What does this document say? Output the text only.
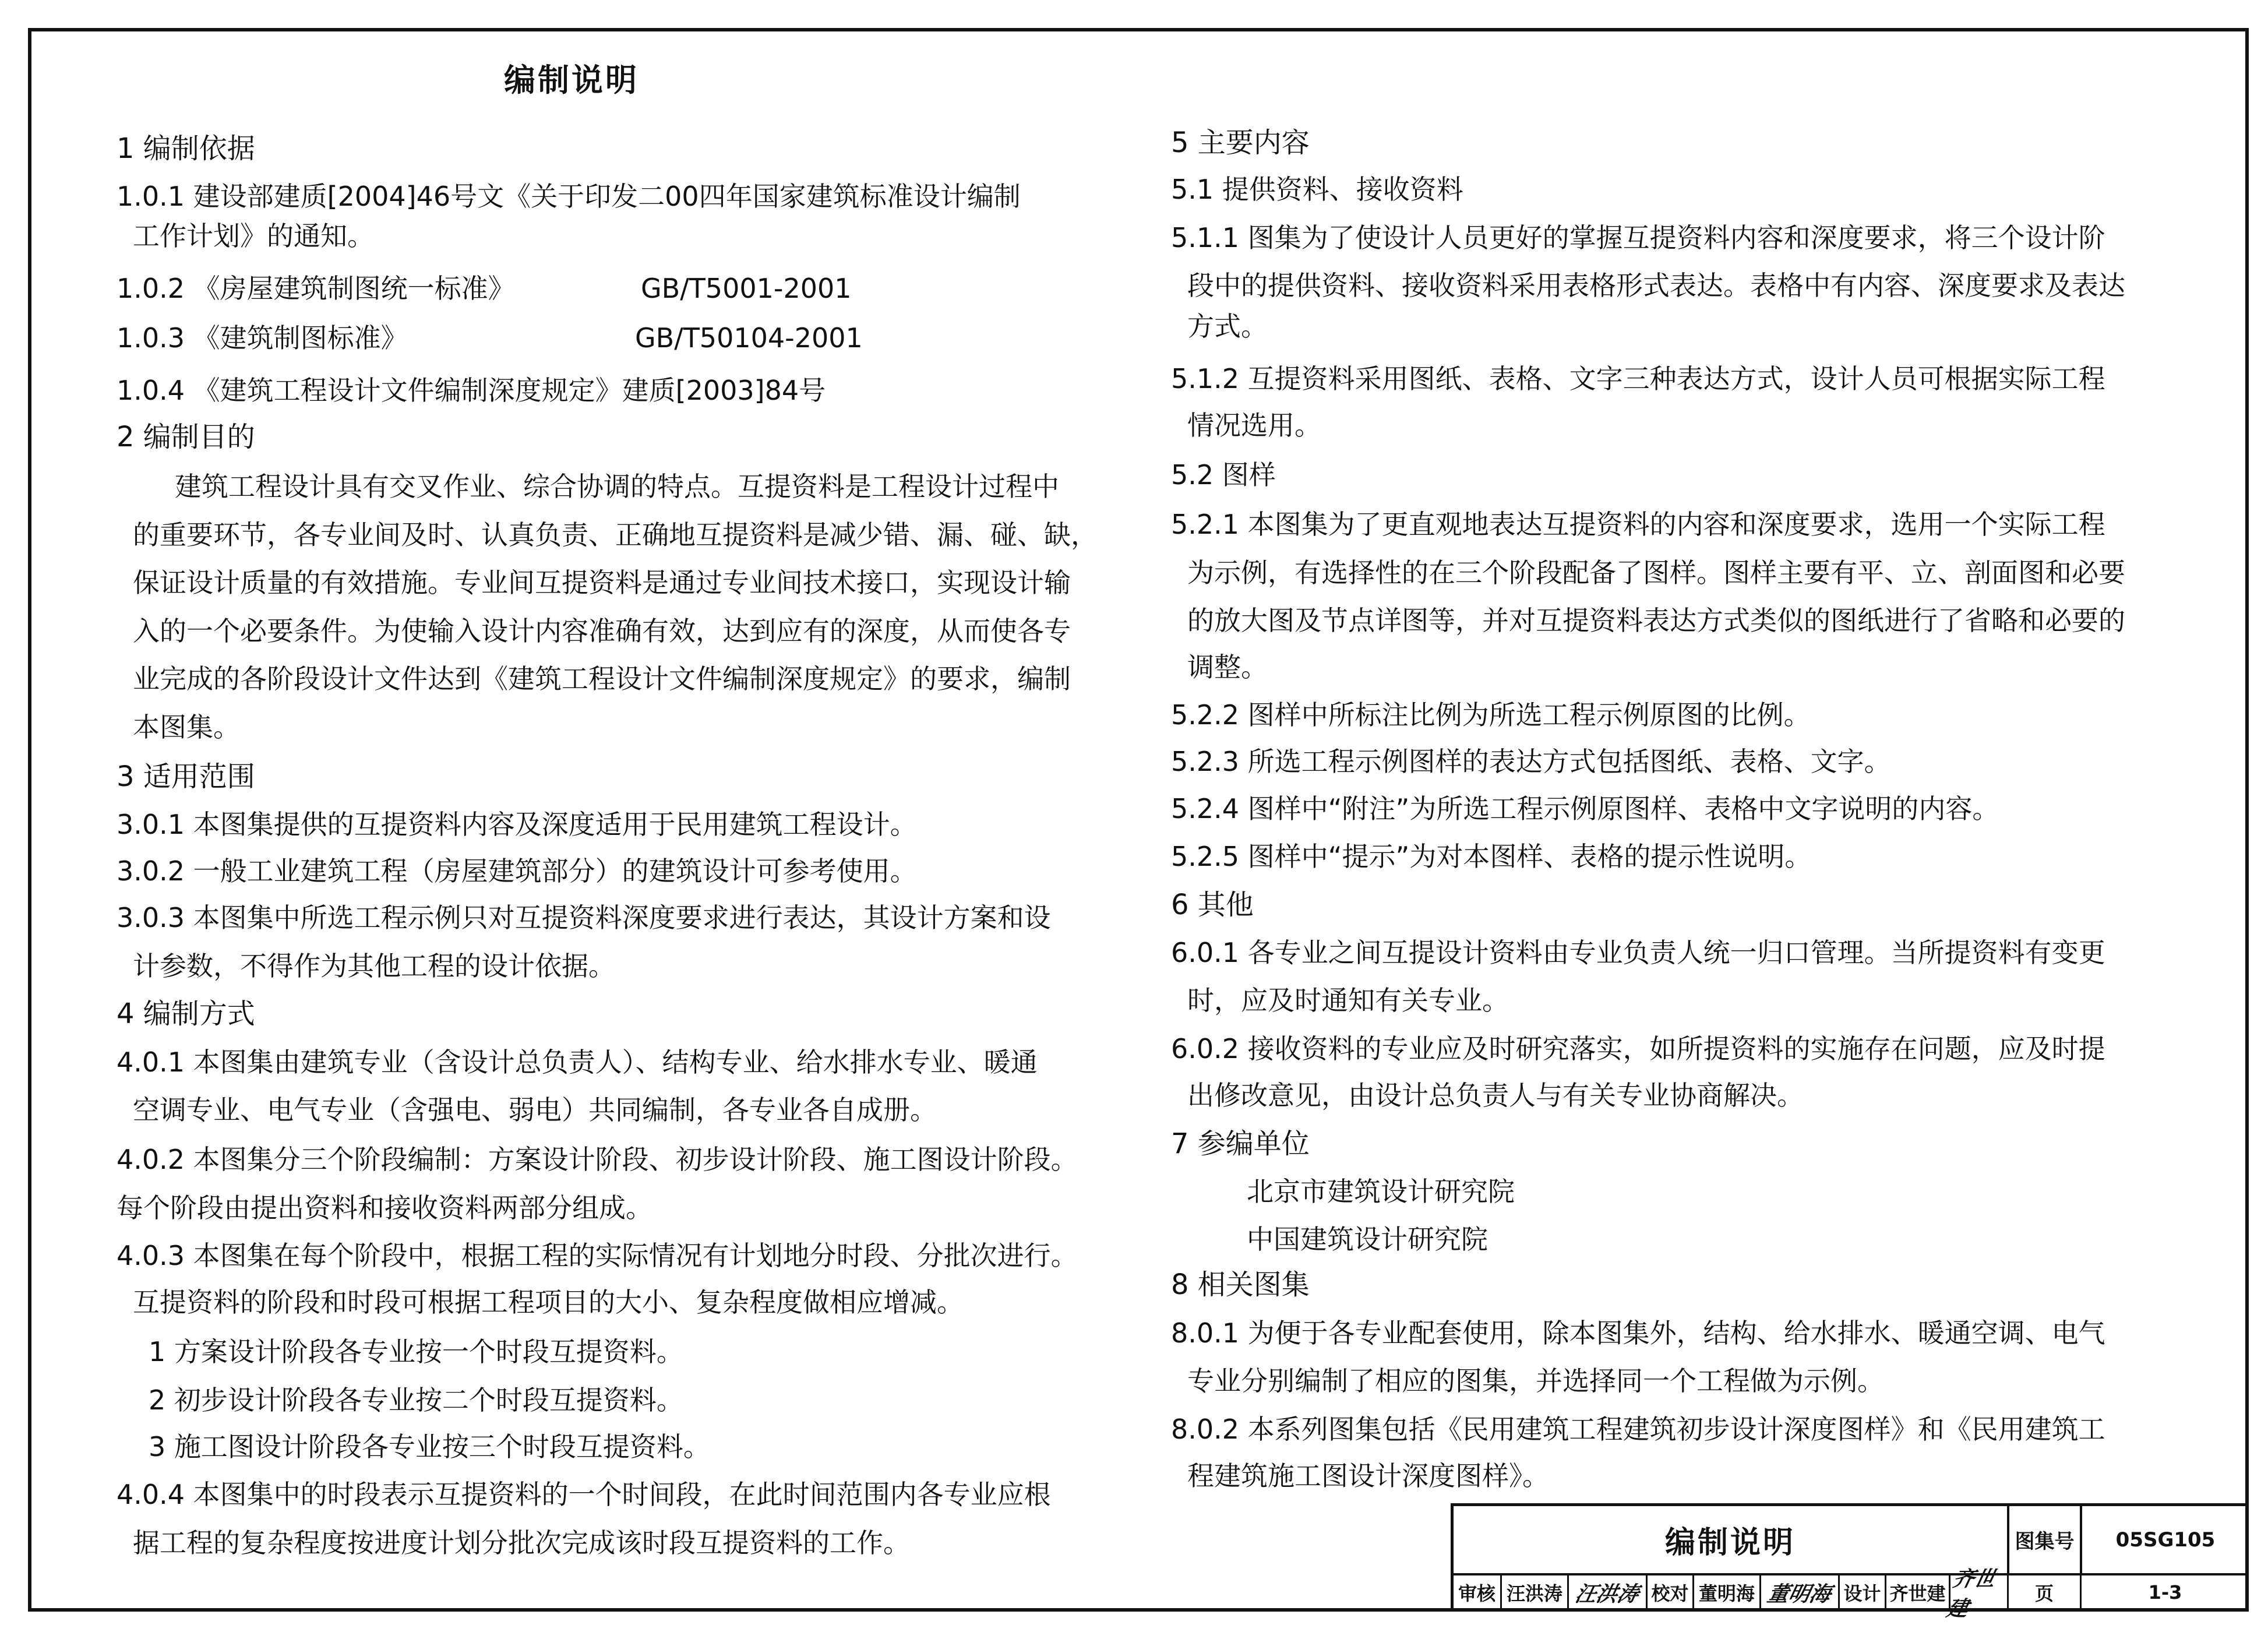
编制说明
1 编制依据
1.0.1 建设部建质[2004]46号文《关于印发二00四年国家建筑标准设计编制
工作计划》的通知。
1.0.2 《房屋建筑制图统一标准》	GB/T5001-2001
1.0.3 《建筑制图标准》	GB/T50104-2001
1.0.4 《建筑工程设计文件编制深度规定》建质[2003]84号
2 编制目的
建筑工程设计具有交叉作业、综合协调的特点。互提资料是工程设计过程中
的重要环节，各专业间及时、认真负责、正确地互提资料是减少错、漏、碰、缺，
保证设计质量的有效措施。专业间互提资料是通过专业间技术接口，实现设计输
入的一个必要条件。为使输入设计内容准确有效，达到应有的深度，从而使各专
业完成的各阶段设计文件达到《建筑工程设计文件编制深度规定》的要求，编制
本图集。
3 适用范围
3.0.1 本图集提供的互提资料内容及深度适用于民用建筑工程设计。
3.0.2 一般工业建筑工程（房屋建筑部分）的建筑设计可参考使用。
3.0.3 本图集中所选工程示例只对互提资料深度要求进行表达，其设计方案和设
计参数，不得作为其他工程的设计依据。
4 编制方式
4.0.1 本图集由建筑专业（含设计总负责人）、结构专业、给水排水专业、暖通
空调专业、电气专业（含强电、弱电）共同编制，各专业各自成册。
4.0.2 本图集分三个阶段编制：方案设计阶段、初步设计阶段、施工图设计阶段。
每个阶段由提出资料和接收资料两部分组成。
4.0.3 本图集在每个阶段中，根据工程的实际情况有计划地分时段、分批次进行。
互提资料的阶段和时段可根据工程项目的大小、复杂程度做相应增减。
1 方案设计阶段各专业按一个时段互提资料。
2 初步设计阶段各专业按二个时段互提资料。
3 施工图设计阶段各专业按三个时段互提资料。
4.0.4 本图集中的时段表示互提资料的一个时间段，在此时间范围内各专业应根
据工程的复杂程度按进度计划分批次完成该时段互提资料的工作。
5 主要内容
5.1 提供资料、接收资料
5.1.1 图集为了使设计人员更好的掌握互提资料内容和深度要求，将三个设计阶
段中的提供资料、接收资料采用表格形式表达。表格中有内容、深度要求及表达
方式。
5.1.2 互提资料采用图纸、表格、文字三种表达方式，设计人员可根据实际工程
情况选用。
5.2 图样
5.2.1 本图集为了更直观地表达互提资料的内容和深度要求，选用一个实际工程
为示例，有选择性的在三个阶段配备了图样。图样主要有平、立、剖面图和必要
的放大图及节点详图等，并对互提资料表达方式类似的图纸进行了省略和必要的
调整。
5.2.2 图样中所标注比例为所选工程示例原图的比例。
5.2.3 所选工程示例图样的表达方式包括图纸、表格、文字。
5.2.4 图样中“附注”为所选工程示例原图样、表格中文字说明的内容。
5.2.5 图样中“提示”为对本图样、表格的提示性说明。
6 其他
6.0.1 各专业之间互提设计资料由专业负责人统一归口管理。当所提资料有变更
时，应及时通知有关专业。
6.0.2 接收资料的专业应及时研究落实，如所提资料的实施存在问题，应及时提
出修改意见，由设计总负责人与有关专业协商解决。
7 参编单位
北京市建筑设计研究院
中国建筑设计研究院
8 相关图集
8.0.1 为便于各专业配套使用，除本图集外，结构、给水排水、暖通空调、电气
专业分别编制了相应的图集，并选择同一个工程做为示例。
8.0.2 本系列图集包括《民用建筑工程建筑初步设计深度图样》和《民用建筑工
程建筑施工图设计深度图样》。
编制说明	图集号	05SG105
审核 汪洪涛 汪洪涛 校对 董明海 董明海 设计 齐世建
齐世建
页	1-3
